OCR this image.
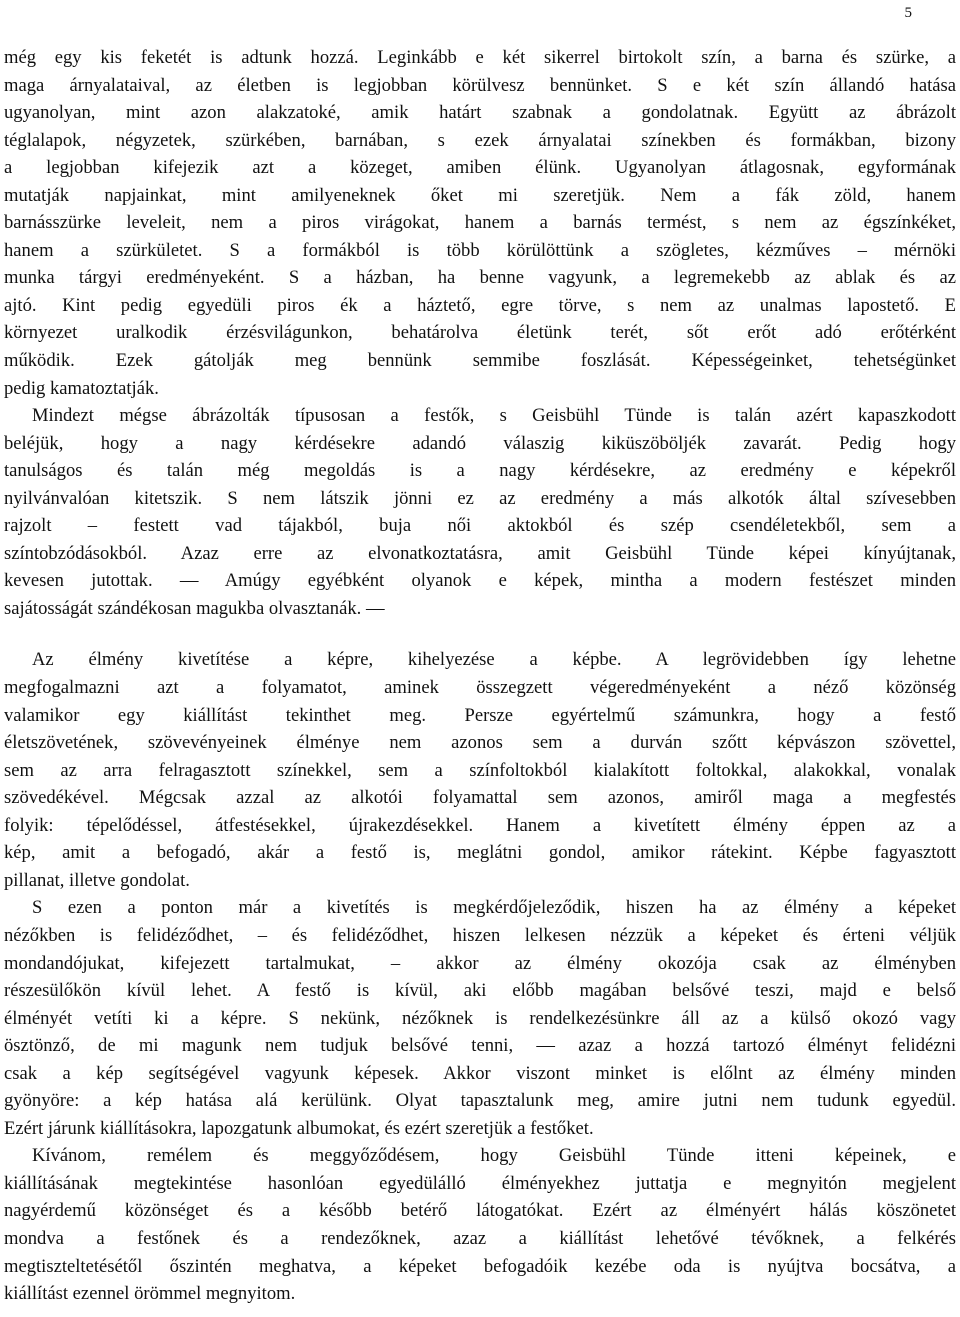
5
még egy kis feketét is adtunk hozzá. Leginkább e két sikerrel birtokolt szín, a barna és szürke, a
maga árnyalataival, az életben is legjobban körülvesz bennünket. S e két szín állandó hatása
ugyanolyan, mint azon alakzatoké, amik határt szabnak a gondolatnak. Együtt az ábrázolt
téglalapok, négyzetek, szürkében, barnában, s ezek árnyalatai színekben és formákban, bizony
a legjobban kifejezik azt a közeget, amiben élünk. Ugyanolyan átlagosnak, egyformának
mutatják napjainkat, mint amilyeneknek őket mi szeretjük. Nem a fák zöld, hanem
barnásszürke leveleit, nem a piros virágokat, hanem a barnás termést, s nem az égszínkéket,
hanem a szürkületet. S a formákból is több körülöttünk a szögletes, kézműves – mérnöki
munka tárgyi eredményeként. S a házban, ha benne vagyunk, a legremekebb az ablak és az
ajtó. Kint pedig egyedüli piros ék a háztető, egre törve, s nem az unalmas lapostető. E
környezet uralkodik érzésvilágunkon, behatárolva életünk terét, sőt erőt adó erőtérként
működik. Ezek gátolják meg bennünk semmibe foszlását. Képességeinket, tehetségünket
pedig kamatoztatják.
Mindezt mégse ábrázolták típusosan a festők, s Geisbühl Tünde is talán azért kapaszkodott
beléjük, hogy a nagy kérdésekre adandó válaszig kiküszöböljék zavarát. Pedig hogy
tanulságos és talán még megoldás is a nagy kérdésekre, az eredmény e képekről
nyilvánvalóan kitetszik. S nem látszik jönni ez az eredmény a más alkotók által szívesebben
rajzolt – festett vad tájakból, buja női aktokból és szép csendéletekből, sem a
színtobzódásokból. Azaz erre az elvonatkoztatásra, amit Geisbühl Tünde képei kínyújtanak,
kevesen jutottak. — Amúgy egyébként olyanok e képek, mintha a modern festészet minden
sajátosságát szándékosan magukba olvasztanák. —
Az élmény kivetítése a képre, kihelyezése a képbe. A legrövidebben így lehetne
megfogalmazni azt a folyamatot, aminek összegzett végeredményeként a néző közönség
valamikor egy kiállítást tekinthet meg. Persze egyértelmű számunkra, hogy a festő
életszövetének, szövevényeinek élménye nem azonos sem a durván szőtt képvászon szövettel,
sem az arra felragasztott színekkel, sem a színfoltokból kialakított foltokkal, alakokkal, vonalak
szövedékével. Mégcsak azzal az alkotói folyamattal sem azonos, amiről maga a megfestés
folyik: tépelődéssel, átfestésekkel, újrakezdésekkel. Hanem a kivetített élmény éppen az a
kép, amit a befogadó, akár a festő is, meglátni gondol, amikor rátekint. Képbe fagyasztott
pillanat, illetve gondolat.
S ezen a ponton már a kivetítés is megkérdőjeleződik, hiszen ha az élmény a képeket
nézőkben is felidéződhet, – és felidéződhet, hiszen lelkesen nézzük a képeket és érteni véljük
mondandójukat, kifejezett tartalmukat, – akkor az élmény okozója csak az élményben
részesülőkön kívül lehet. A festő is kívül, aki előbb magában belsővé teszi, majd e belső
élményét vetíti ki a képre. S nekünk, nézőknek is rendelkezésünkre áll az a külső okozó vagy
ösztönző, de mi magunk nem tudjuk belsővé tenni, — azaz a hozzá tartozó élményt felidézni
csak a kép segítségével vagyunk képesek. Akkor viszont minket is előlnt az élmény minden
gyönyöre: a kép hatása alá kerülünk. Olyat tapasztalunk meg, amire jutni nem tudunk egyedül.
Ezért járunk kiállításokra, lapozgatunk albumokat, és ezért szeretjük a festőket.
Kívánom, remélem és meggyőződésem, hogy Geisbühl Tünde itteni képeinek, e
kiállításának megtekintése hasonlóan egyedülálló élményekhez juttatja e megnyitón megjelent
nagyérdemű közönséget és a később betérő látogatókat. Ezért az élményért hálás köszönetet
mondva a festőnek és a rendezőknek, azaz a kiállítást lehetővé tévőknek, a felkérés
megtiszteltetésétől őszintén meghatva, a képeket befogadóik kezébe oda is nyújtva bocsátva, a
kiállítást ezennel örömmel megnyitom.
